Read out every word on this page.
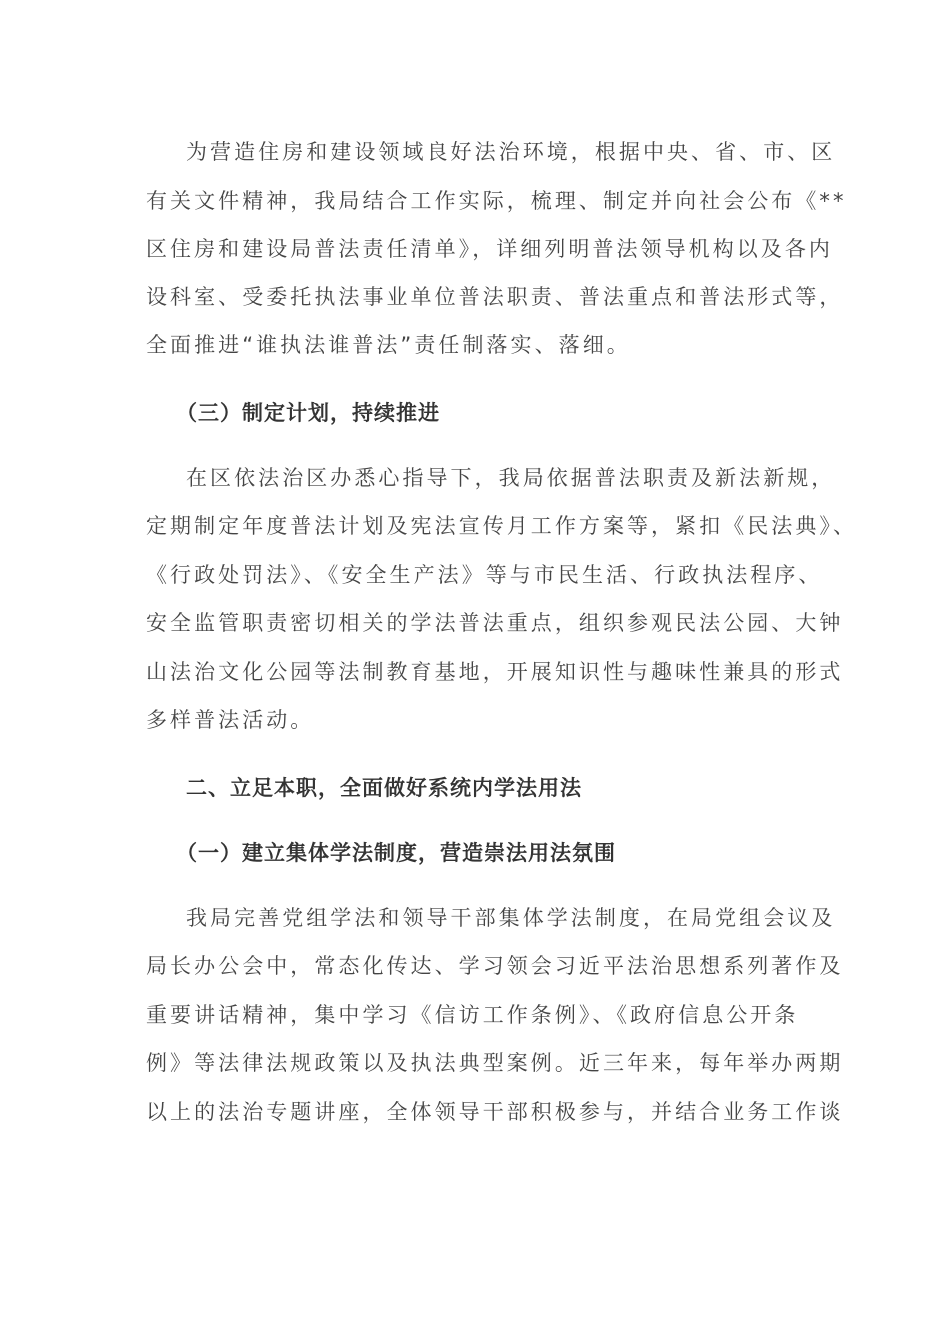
为营造住房和建设领域良好法治环境，根据中央、省、市、区
有关文件精神，我局结合工作实际，梳理、制定并向社会公布《**
区住房和建设局普法责任清单》，详细列明普法领导机构以及各内
设科室、受委托执法事业单位普法职责、普法重点和普法形式等，
全面推进“谁执法谁普法”责任制落实、落细。
（三）制定计划，持续推进
在区依法治区办悉心指导下，我局依据普法职责及新法新规，
定期制定年度普法计划及宪法宣传月工作方案等，紧扣《民法典》、
《行政处罚法》、《安全生产法》等与市民生活、行政执法程序、
安全监管职责密切相关的学法普法重点，组织参观民法公园、大钟
山法治文化公园等法制教育基地，开展知识性与趣味性兼具的形式
多样普法活动。
二、立足本职，全面做好系统内学法用法
（一）建立集体学法制度，营造崇法用法氛围
我局完善党组学法和领导干部集体学法制度，在局党组会议及
局长办公会中，常态化传达、学习领会习近平法治思想系列著作及
重要讲话精神，集中学习《信访工作条例》、《政府信息公开条
例》等法律法规政策以及执法典型案例。近三年来，每年举办两期
以上的法治专题讲座，全体领导干部积极参与，并结合业务工作谈
